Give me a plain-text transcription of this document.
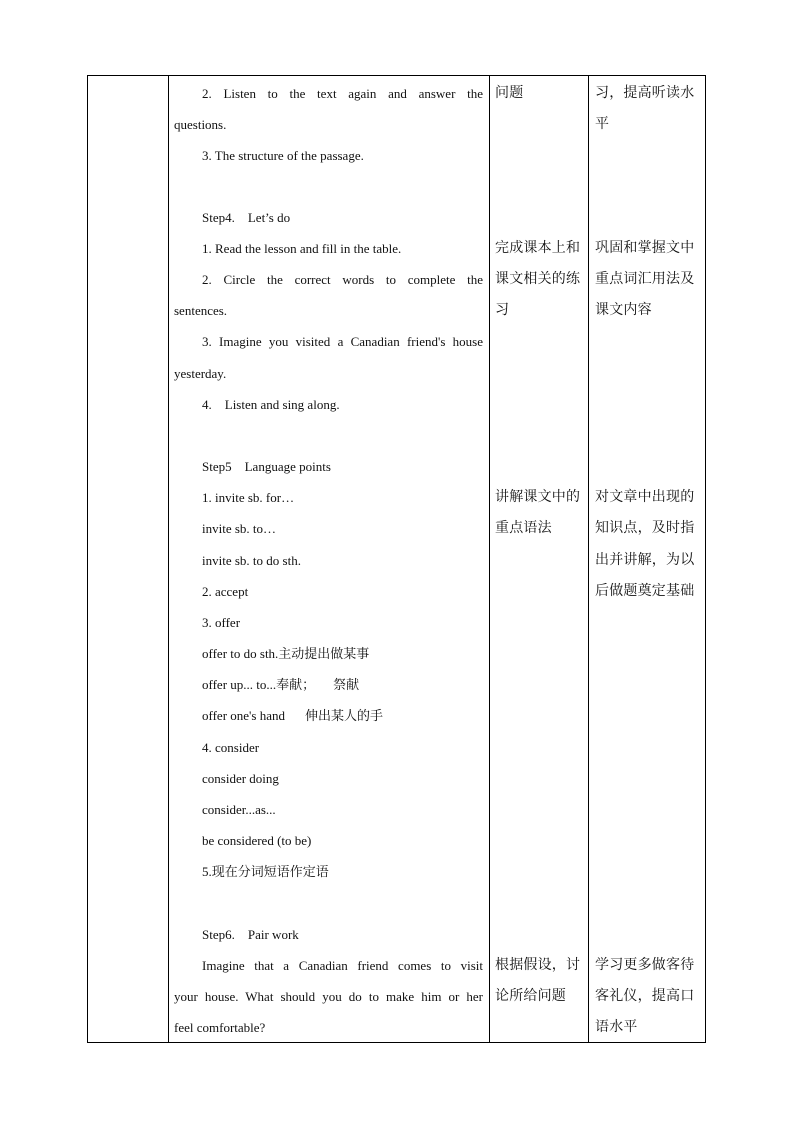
2. Listen to the text again and answer the
questions.
3. The structure of the passage.
Step4.    Let’s do
1. Read the lesson and fill in the table.
2. Circle the correct words to complete the
sentences.
3. Imagine you visited a Canadian friend's house
yesterday.
4.    Listen and sing along.
Step5    Language points
1. invite sb. for…
invite sb. to…
invite sb. to do sth.
2. accept
3. offer
offer to do sth.主动提出做某事
offer up... to...奉献； 祭献
offer one's hand 伸出某人的手
4. consider
consider doing
consider...as...
be considered (to be)
5.现在分词短语作定语
Step6.    Pair work
Imagine that a Canadian friend comes to visit
your house. What should you do to make him or her
feel comfortable?
问题
完成课本上和
课文相关的练
习
讲解课文中的
重点语法
根据假设，讨
论所给问题
习，提高听读水
平
巩固和掌握文中
重点词汇用法及
课文内容
对文章中出现的
知识点，及时指
出并讲解，为以
后做题奠定基础
学习更多做客待
客礼仪，提高口
语水平
